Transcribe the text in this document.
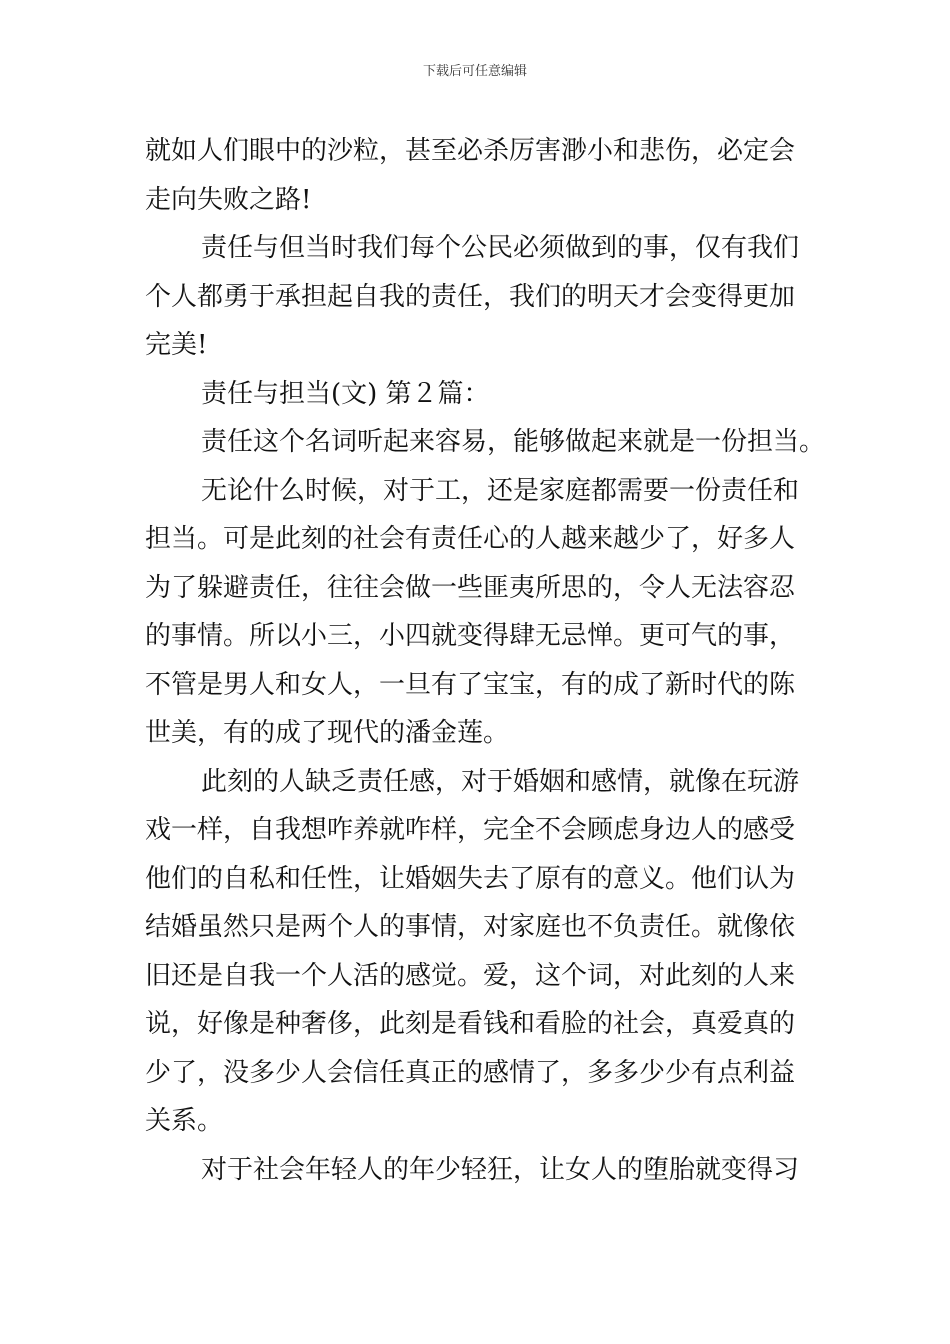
下载后可任意编辑
就如人们眼中的沙粒，甚至必杀厉害渺小和悲伤，必定会
走向失败之路!
责任与但当时我们每个公民必须做到的事，仅有我们
个人都勇于承担起自我的责任，我们的明天才会变得更加
完美!
责任与担当(文) 第２篇：
责任这个名词听起来容易，能够做起来就是一份担当。
无论什么时候，对于工，还是家庭都需要一份责任和
担当。可是此刻的社会有责任心的人越来越少了，好多人
为了躲避责任，往往会做一些匪夷所思的，令人无法容忍
的事情。所以小三，小四就变得肆无忌惮。更可气的事，
不管是男人和女人，一旦有了宝宝，有的成了新时代的陈
世美，有的成了现代的潘金莲。
此刻的人缺乏责任感，对于婚姻和感情，就像在玩游
戏一样，自我想咋养就咋样，完全不会顾虑身边人的感受
他们的自私和任性，让婚姻失去了原有的意义。他们认为
结婚虽然只是两个人的事情，对家庭也不负责任。就像依
旧还是自我一个人活的感觉。爱，这个词，对此刻的人来
说，好像是种奢侈，此刻是看钱和看脸的社会，真爱真的
少了，没多少人会信任真正的感情了，多多少少有点利益
关系。
对于社会年轻人的年少轻狂，让女人的堕胎就变得习
